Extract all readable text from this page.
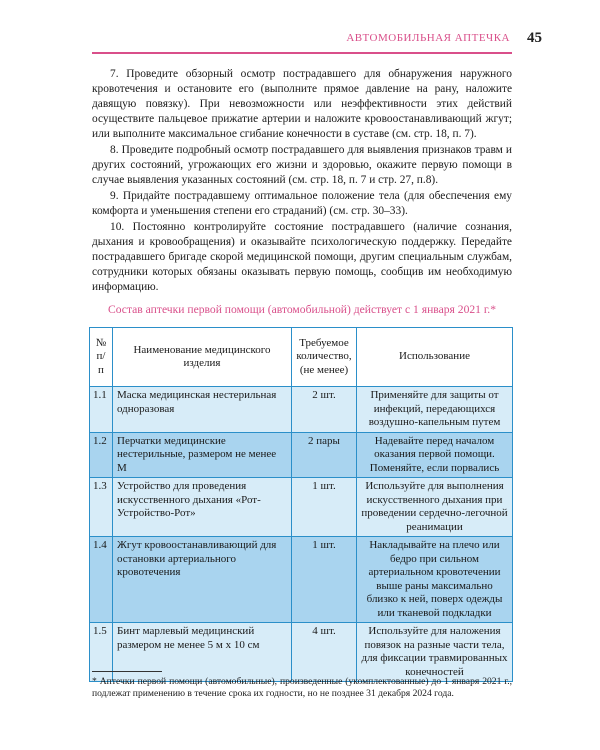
АВТОМОБИЛЬНАЯ АПТЕЧКА 45

7. Проведите обзорный осмотр пострадавшего для обнаружения наружного кровотечения и остановите его (выполните прямое давление на рану, наложите давящую повязку). При невозможности или неэффективности этих действий осуществите пальцевое прижатие артерии и наложите кровоостанавливающий жгут; или выполните максимальное сгибание конечности в суставе (см. стр. 18, п. 7).

8. Проведите подробный осмотр пострадавшего для выявления признаков травм и других состояний, угрожающих его жизни и здоровью, окажите первую помощи в случае выявления указанных состояний (см. стр. 18, п. 7 и стр. 27, п.8).

9. Придайте пострадавшему оптимальное положение тела (для обеспечения ему комфорта и уменьшения степени его страданий) (см. стр. 30–33).

10. Постоянно контролируйте состояние пострадавшего (наличие сознания, дыхания и кровообращения) и оказывайте психологическую поддержку. Передайте пострадавшего бригаде скорой медицинской помощи, другим специальным службам, сотрудники которых обязаны оказывать первую помощь, сообщив им необходимую информацию.

Состав аптечки первой помощи (автомобильной) действует с 1 января 2021 г.*
№ п/п	Наименование медицинского изделия	Требуемое количество, (не менее)	Использование
1.1	Маска медицинская нестерильная одноразовая	2 шт.	Применяйте для защиты от инфекций, передающихся воздушно-капельным путем
1.2	Перчатки медицинские нестерильные, размером не менее М	2 пары	Надевайте перед началом оказания первой помощи. Поменяйте, если порвались
1.3	Устройство для проведения искусственного дыхания «Рот-Устройство-Рот»	1 шт.	Используйте для выполнения искусственного дыхания при проведении сердечно-легочной реанимации
1.4	Жгут кровоостанавливающий для остановки артериального кровотечения	1 шт.	Накладывайте на плечо или бедро при сильном артериальном кровотечении выше раны максимально близко к ней, поверх одежды или тканевой подкладки
1.5	Бинт марлевый медицинский размером не менее 5 м х 10 см	4 шт.	Используйте для наложения повязок на разные части тела, для фиксации травмированных конечностей
* Аптечки первой помощи (автомобильные), произведенные (укомплектованные) до 1 января 2021 г., подлежат применению в течение срока их годности, но не позднее 31 декабря 2024 года.
